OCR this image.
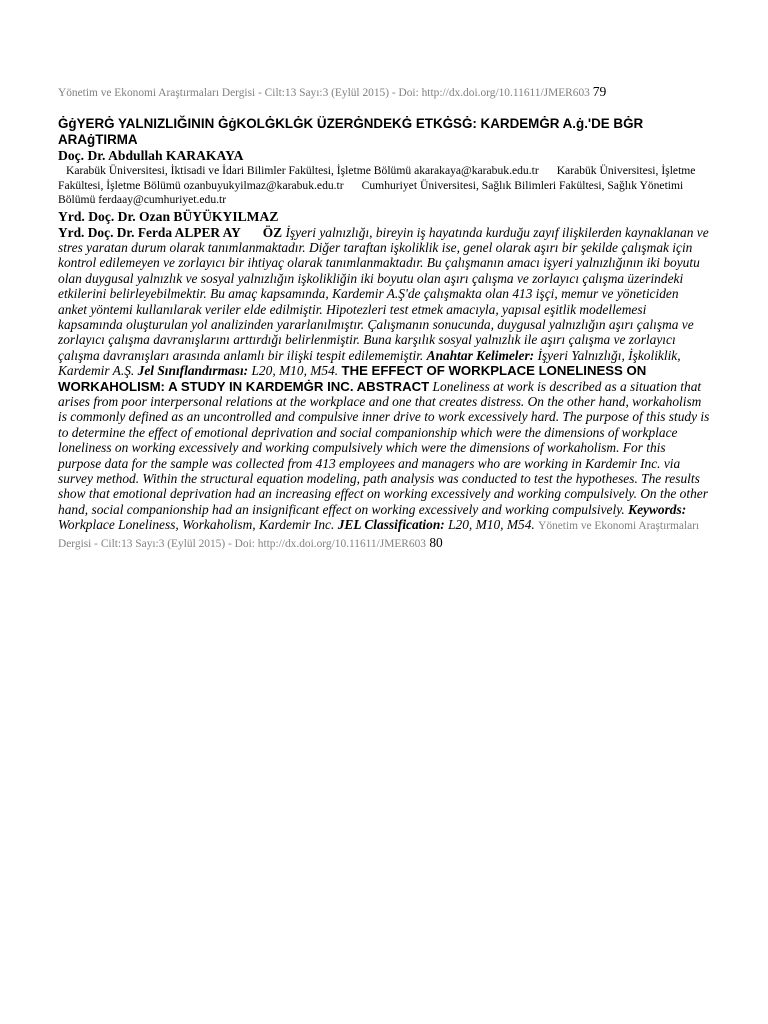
Yönetim ve Ekonomi Araştırmaları Dergisi - Cilt:13 Sayı:3 (Eylül 2015) - Doi: http://dx.doi.org/10.11611/JMER603 79
ĠġYERĠ YALNIZLIĞININ ĠġKOLĠKLĠK ÜZERĠNDEKĠ ETKĠSĠ: KARDEMĠR A.ġ.'DE BĠR ARAġTIRMA
Doç. Dr. Abdullah KARAKAYA
Karabük Üniversitesi, İktisadi ve İdari Bilimler Fakültesi, İşletme Bölümü akarakaya@karabuk.edu.tr Karabük Üniversitesi, İşletme Fakültesi, İşletme Bölümü ozanbuyukyilmaz@karabuk.edu.tr Cumhuriyet Üniversitesi, Sağlık Bilimleri Fakültesi, Sağlık Yönetimi Bölümü ferdaay@cumhuriyet.edu.tr
Yrd. Doç. Dr. Ozan BÜYÜKYILMAZ
Yrd. Doç. Dr. Ferda ALPER AY ÖZ İşyeri yalnızlığı, bireyin iş hayatında kurduğu zayıf ilişkilerden kaynaklanan ve stres yaratan durum olarak tanımlanmaktadır. Diğer taraftan işkoliklik ise, genel olarak aşırı bir şekilde çalışmak için kontrol edilemeyen ve zorlayıcı bir ihtiyaç olarak tanımlanmaktadır. Bu çalışmanın amacı işyeri yalnızlığının iki boyutu olan duygusal yalnızlık ve sosyal yalnızlığın işkolikliğin iki boyutu olan aşırı çalışma ve zorlayıcı çalışma üzerindeki etkilerini belirleyebilmektir. Bu amaç kapsamında, Kardemir A.Ş'de çalışmakta olan 413 işçi, memur ve yöneticiden anket yöntemi kullanılarak veriler elde edilmiştir. Hipotezleri test etmek amacıyla, yapısal eşitlik modellemesi kapsamında oluşturulan yol analizinden yararlanılmıştır. Çalışmanın sonucunda, duygusal yalnızlığın aşırı çalışma ve zorlayıcı çalışma davranışlarını arttırdığı belirlenmiştir. Buna karşılık sosyal yalnızlık ile aşırı çalışma ve zorlayıcı çalışma davranışları arasında anlamlı bir ilişki tespit edilememiştir. Anahtar Kelimeler: İşyeri Yalnızlığı, İşkoliklik, Kardemir A.Ş. Jel Sınıflandırması: L20, M10, M54. THE EFFECT OF WORKPLACE LONELINESS ON WORKAHOLISM: A STUDY IN KARDEMĠR INC. ABSTRACT Loneliness at work is described as a situation that arises from poor interpersonal relations at the workplace and one that creates distress. On the other hand, workaholism is commonly defined as an uncontrolled and compulsive inner drive to work excessively hard. The purpose of this study is to determine the effect of emotional deprivation and social companionship which were the dimensions of workplace loneliness on working excessively and working compulsively which were the dimensions of workaholism. For this purpose data for the sample was collected from 413 employees and managers who are working in Kardemir Inc. via survey method. Within the structural equation modeling, path analysis was conducted to test the hypotheses. The results show that emotional deprivation had an increasing effect on working excessively and working compulsively. On the other hand, social companionship had an insignificant effect on working excessively and working compulsively. Keywords: Workplace Loneliness, Workaholism, Kardemir Inc. JEL Classification: L20, M10, M54. Yönetim ve Ekonomi Araştırmaları Dergisi - Cilt:13 Sayı:3 (Eylül 2015) - Doi: http://dx.doi.org/10.11611/JMER603 80
